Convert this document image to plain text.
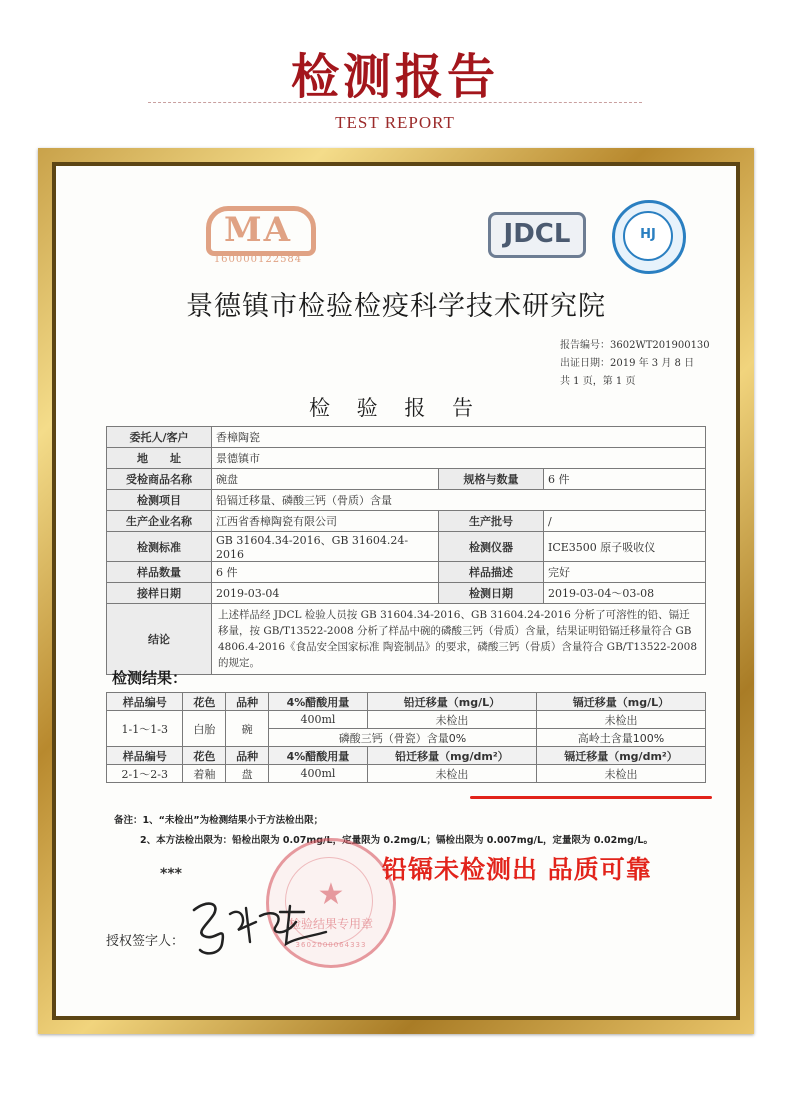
检测报告
TEST REPORT
MA
160000122584
JDCL	HJ
景德镇市检验检疫科学技术研究院
报告编号：3602WT201900130
出证日期：2019 年 3 月 8 日
共 1 页，第 1 页
检 验 报 告
委托人/客户	香樟陶瓷		
地　　址	景德镇市		
受检商品名称	碗盘	规格与数量	6 件
检测项目	铅镉迁移量、磷酸三钙（骨质）含量		
生产企业名称	江西省香樟陶瓷有限公司	生产批号	/
检测标准	GB 31604.34-2016、GB 31604.24-2016	检测仪器	ICE3500 原子吸收仪
样品数量	6 件	样品描述	完好
接样日期	2019-03-04	检测日期	2019-03-04～03-08
结论	上述样品经 JDCL 检验人员按 GB 31604.34-2016、GB 31604.24-2016 分析了可溶性的铅、镉迁移量，按 GB/T13522-2008 分析了样品中碗的磷酸三钙（骨质）含量，结果证明铅镉迁移量符合 GB 4806.4-2016《食品安全国家标准 陶瓷制品》的要求，磷酸三钙（骨质）含量符合 GB/T13522-2008 的规定。		
检测结果：
样品编号	花色	品种	4%醋酸用量	铅迁移量（mg/L）	镉迁移量（mg/L）
1-1～1-3	白胎	碗	400ml	未检出	未检出
			磷酸三钙（骨瓷）含量0%		高岭土含量100%
样品编号	花色	品种	4%醋酸用量	铅迁移量（mg/dm²）	镉迁移量（mg/dm²）
2-1～2-3	着釉	盘	400ml	未检出	未检出
备注：1、“未检出”为检测结果小于方法检出限；
2、本方法检出限为：铅检出限为 0.07mg/L，定量限为 0.2mg/L；镉检出限为 0.007mg/L，定量限为 0.02mg/L。
***
★
检验结果专用章
3602000064333
授权签字人：
铅镉未检测出 品质可靠
